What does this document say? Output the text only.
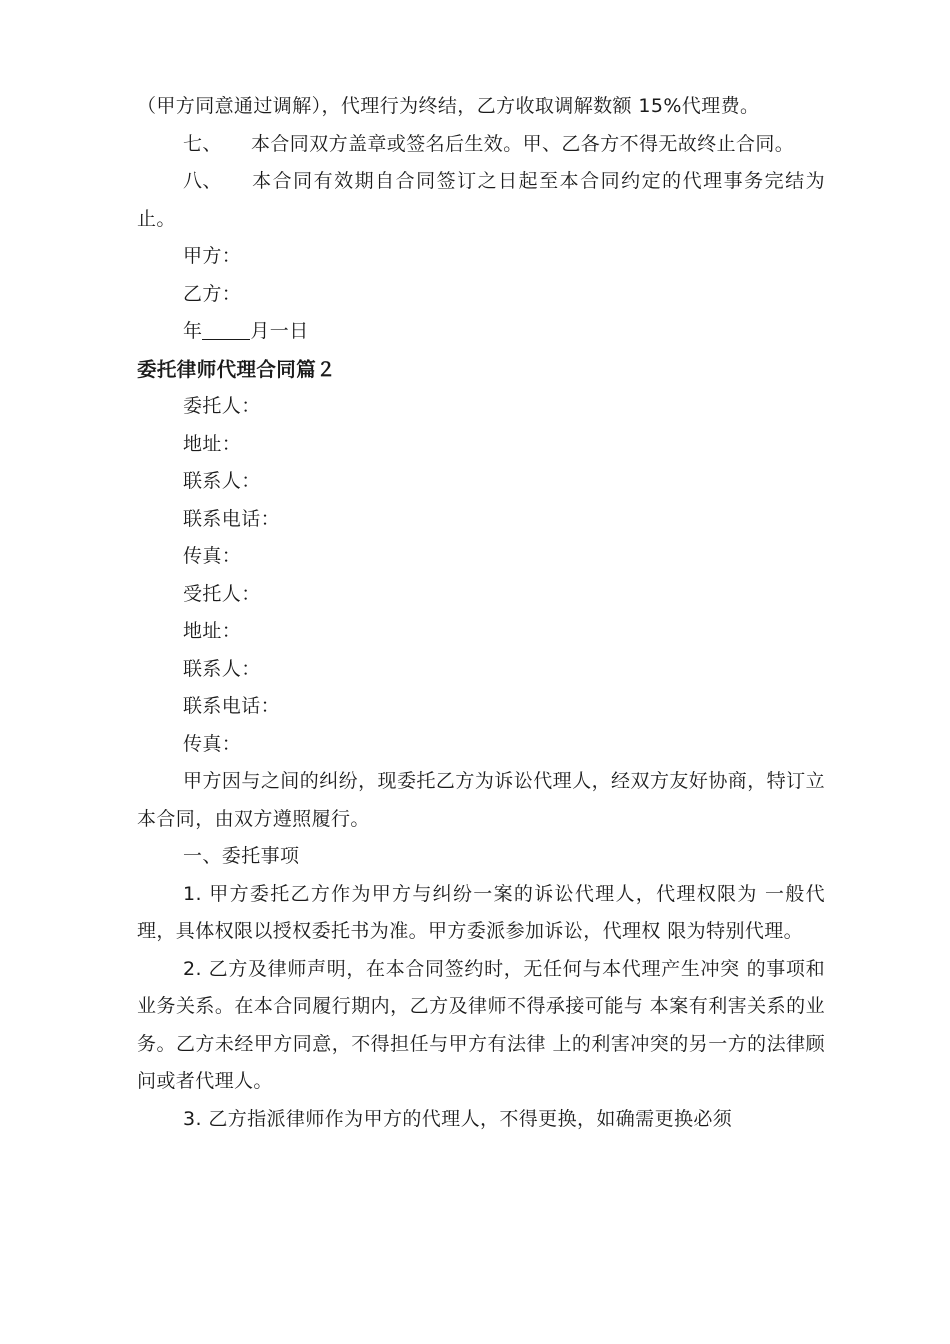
（甲方同意通过调解），代理行为终结，乙方收取调解数额 15%代理费。

七、 本合同双方盖章或签名后生效。甲、乙各方不得无故终止合同。

八、 本合同有效期自合同签订之日起至本合同约定的代理事务完结为止。

甲方：

乙方：

年	月一日

委托律师代理合同篇２

委托人：

地址：

联系人：

联系电话：

传真：

受托人：

地址：

联系人：

联系电话：

传真：

甲方因与之间的纠纷，现委托乙方为诉讼代理人，经双方友好协商，特订立本合同，由双方遵照履行。

一、委托事项

1. 甲方委托乙方作为甲方与纠纷一案的诉讼代理人，代理权限为 一般代理，具体权限以授权委托书为准。甲方委派参加诉讼，代理权 限为特别代理。

2. 乙方及律师声明，在本合同签约时，无任何与本代理产生冲突 的事项和业务关系。在本合同履行期内，乙方及律师不得承接可能与 本案有利害关系的业务。乙方未经甲方同意，不得担任与甲方有法律 上的利害冲突的另一方的法律顾问或者代理人。

3. 乙方指派律师作为甲方的代理人，不得更换，如确需更换必须
